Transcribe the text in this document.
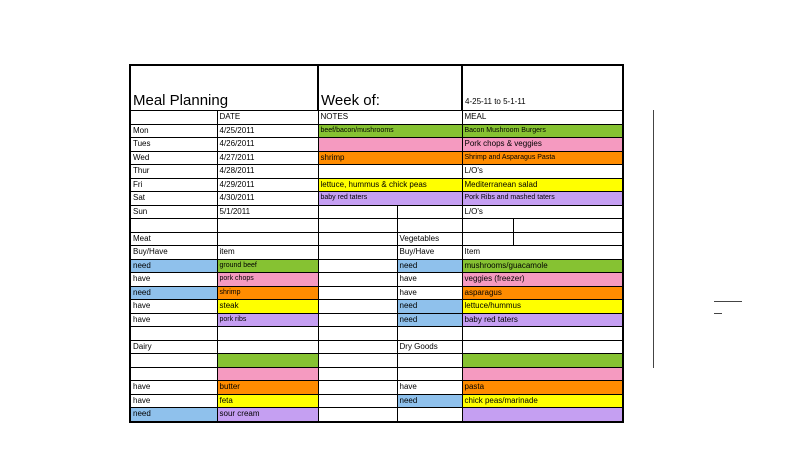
Meal Planning		Week of:		4-25-11 to 5-1-11	
	DATE	NOTES		MEAL	
Mon	4/25/2011	beef/bacon/mushrooms		Bacon Mushroom Burgers	
Tues	4/26/2011			Pork chops & veggies	
Wed	4/27/2011	shrimp		Shrimp and Asparagus Pasta	
Thur	4/28/2011			L/O's	
Fri	4/29/2011	lettuce, hummus & chick peas		Mediterranean salad	
Sat	4/30/2011	baby red taters		Pork Ribs and mashed taters	
Sun	5/1/2011			L/O's	

Meat			Vegetables		
Buy/Have	item		Buy/Have	Item	
need	ground beef		need	mushrooms/guacamole	
have	pork chops		have	veggies (freezer)	
need	shrimp		have	asparagus	
have	steak		need	lettuce/hummus	
have	pork ribs		need	baby red taters	

Dairy			Dry Goods		

have	butter		have	pasta	
have	feta		need	chick peas/marinade	
need	sour cream				
